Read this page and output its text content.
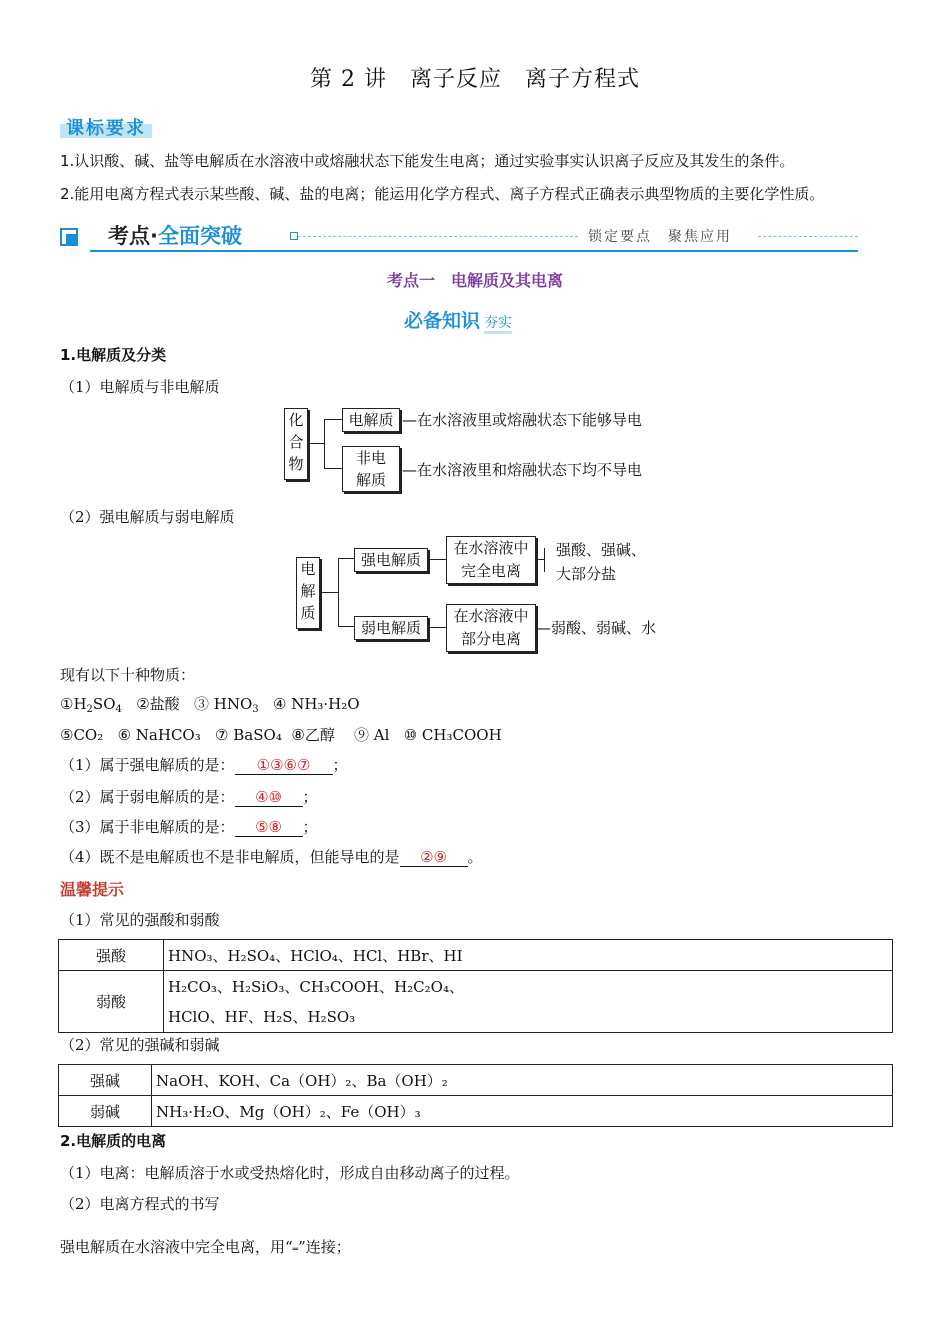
第 2 讲　离子反应　离子方程式
课标要求
1.认识酸、碱、盐等电解质在水溶液中或熔融状态下能发生电离；通过实验事实认识离子反应及其发生的条件。
2.能用电离方程式表示某些酸、碱、盐的电离；能运用化学方程式、离子方程式正确表示典型物质的主要化学性质。
考点·全面突破	锁定要点　聚焦应用
考点一　电解质及其电离
必备知识 夯实
1.电解质及分类
（1）电解质与非电解质
化
合
物
电解质 —在水溶液里或熔融状态下能够导电
非电
解质
—在水溶液里和熔融状态下均不导电
（2）强电解质与弱电解质
电
解
质
强电解质
在水溶液中
完全电离
强酸、强碱、
大部分盐
弱电解质
在水溶液中
部分电离
—弱酸、弱碱、水
现有以下十种物质：
$①H_2SO_4$ ②盐酸 ③ $HNO_3$ ④ NH₃·H₂O
⑤CO₂ ⑥ NaHCO₃ ⑦ BaSO₄ ⑧乙醇 ⑨ Al ⑩ CH₃COOH
（1）属于强电解质的是： ①③⑥⑦ ；
（2）属于弱电解质的是： ④⑩ ；
（3）属于非电解质的是： ⑤⑧ ；
（4）既不是电解质也不是非电解质，但能导电的是 ②⑨ 。
温馨提示
（1）常见的强酸和弱酸
强酸	HNO₃、H₂SO₄、HClO₄、HCl、HBr、HI
弱酸	H₂CO₃、H₂SiO₃、CH₃COOH、H₂C₂O₄、
HClO、HF、H₂S、H₂SO₃
（2）常见的强碱和弱碱
强碱	NaOH、KOH、Ca（OH）₂、Ba（OH）₂
弱碱	NH₃·H₂O、Mg（OH）₂、Fe（OH）₃
2.电解质的电离
（1）电离：电解质溶于水或受热熔化时，形成自由移动离子的过程。
（2）电离方程式的书写
强电解质在水溶液中完全电离，用“═”连接；
